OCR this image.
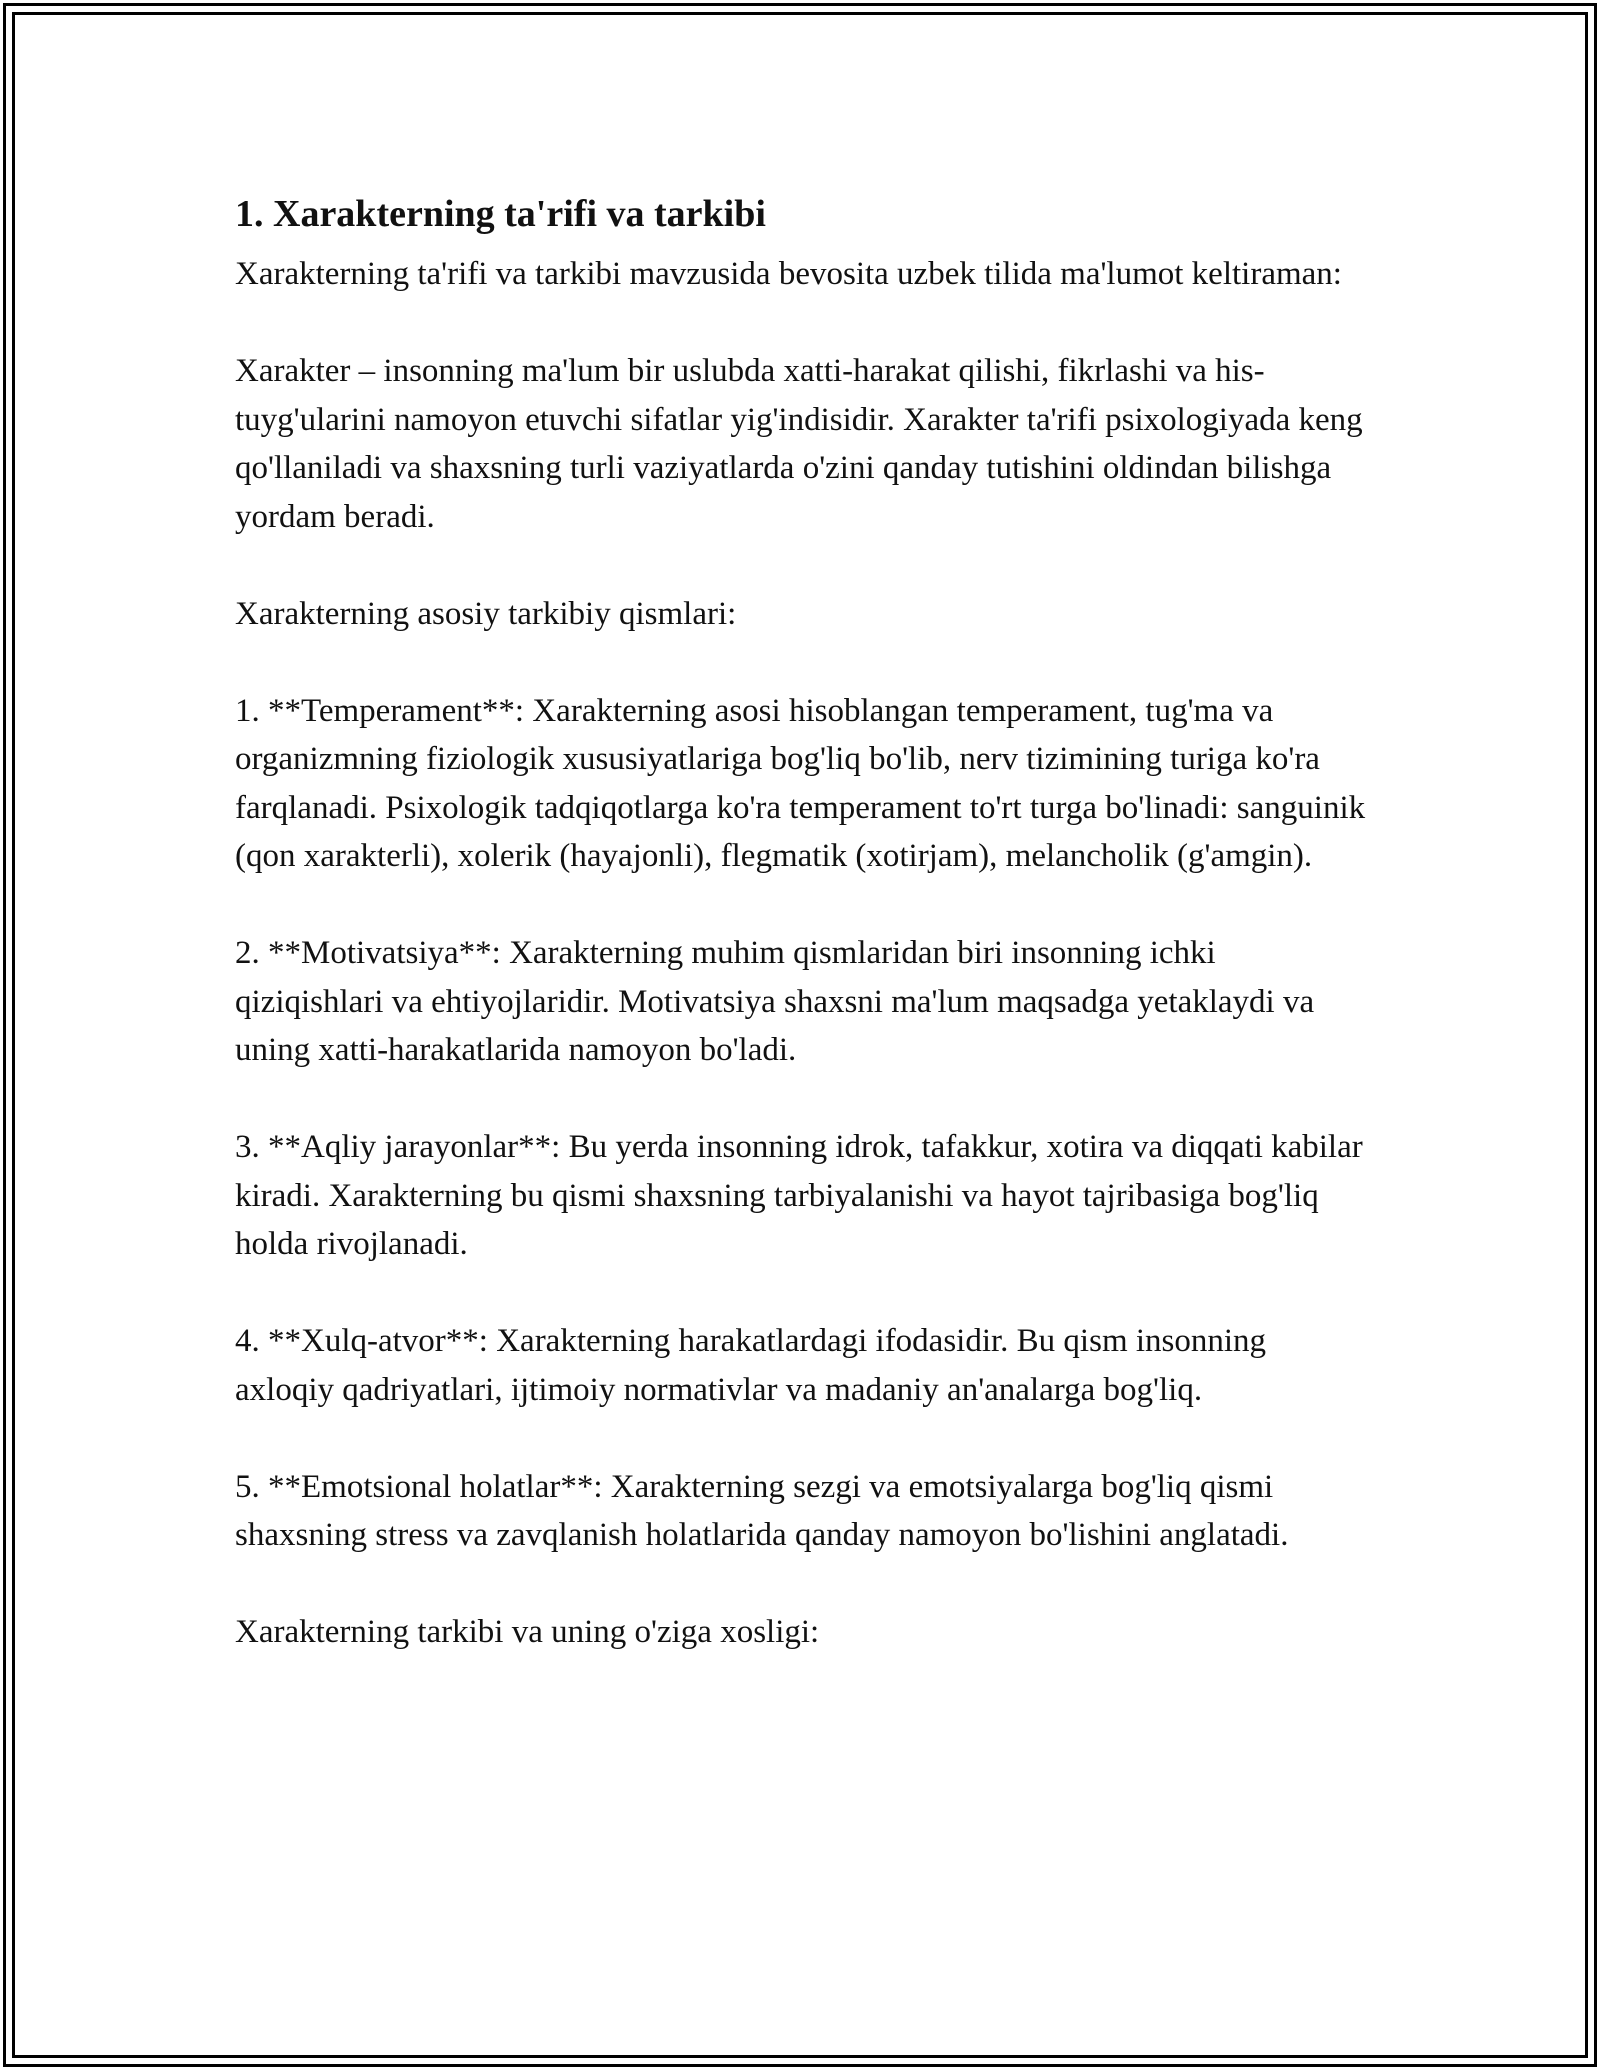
1. Xarakterning ta'rifi va tarkibi

Xarakterning ta'rifi va tarkibi mavzusida bevosita uzbek tilida ma'lumot keltiraman:

Xarakter – insonning ma'lum bir uslubda xatti-harakat qilishi, fikrlashi va his-tuyg'ularini namoyon etuvchi sifatlar yig'indisidir. Xarakter ta'rifi psixologiyada keng qo'llaniladi va shaxsning turli vaziyatlarda o'zini qanday tutishini oldindan bilishga yordam beradi.

Xarakterning asosiy tarkibiy qismlari:

1. **Temperament**: Xarakterning asosi hisoblangan temperament, tug'ma va organizmning fiziologik xususiyatlariga bog'liq bo'lib, nerv tizimining turiga ko'ra farqlanadi. Psixologik tadqiqotlarga ko'ra temperament to'rt turga bo'linadi: sanguinik (qon xarakterli), xolerik (hayajonli), flegmatik (xotirjam), melancholik (g'amgin).

2. **Motivatsiya**: Xarakterning muhim qismlaridan biri insonning ichki qiziqishlari va ehtiyojlaridir. Motivatsiya shaxsni ma'lum maqsadga yetaklaydi va uning xatti-harakatlarida namoyon bo'ladi.

3. **Aqliy jarayonlar**: Bu yerda insonning idrok, tafakkur, xotira va diqqati kabilar kiradi. Xarakterning bu qismi shaxsning tarbiyalanishi va hayot tajribasiga bog'liq holda rivojlanadi.

4. **Xulq-atvor**: Xarakterning harakatlardagi ifodasidir. Bu qism insonning axloqiy qadriyatlari, ijtimoiy normativlar va madaniy an'analarga bog'liq.

5. **Emotsional holatlar**: Xarakterning sezgi va emotsiyalarga bog'liq qismi shaxsning stress va zavqlanish holatlarida qanday namoyon bo'lishini anglatadi.

Xarakterning tarkibi va uning o'ziga xosligi:
